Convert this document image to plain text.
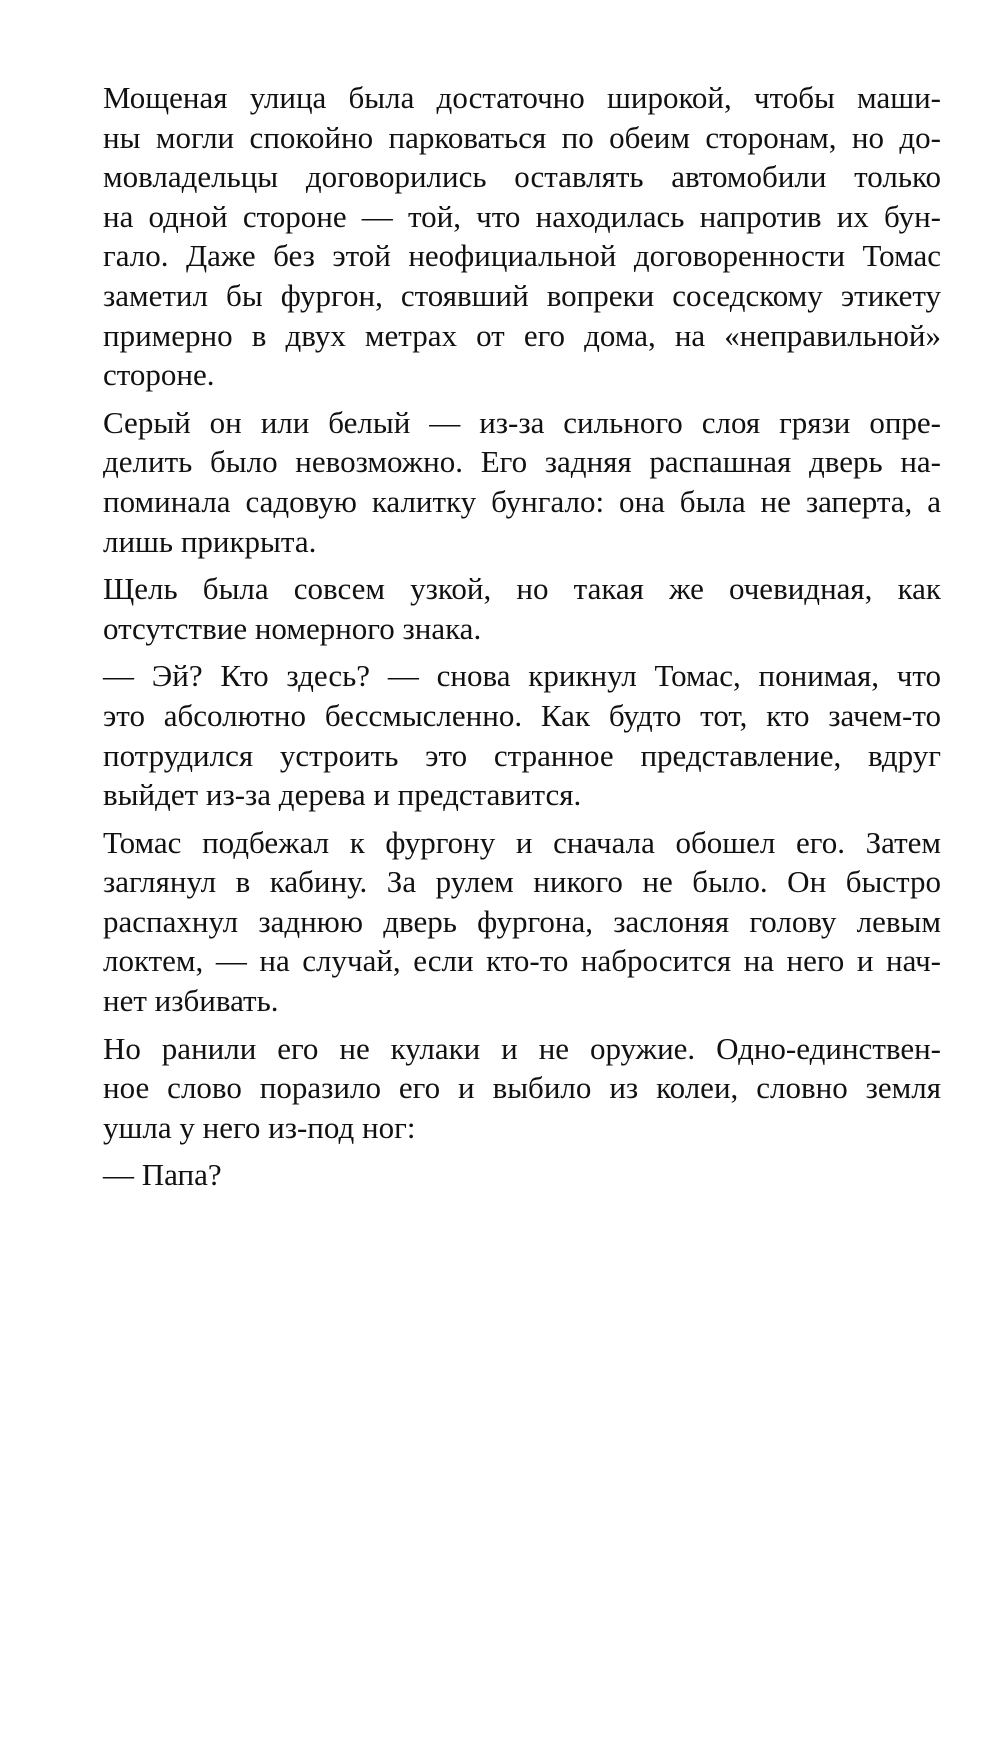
Мощеная улица была достаточно широкой, чтобы маши-
ны могли спокойно парковаться по обеим сторонам, но до-
мовладельцы договорились оставлять автомобили только
на одной стороне — той, что находилась напротив их бун-
гало. Даже без этой неофициальной договоренности Томас
заметил бы фургон, стоявший вопреки соседскому этикету
примерно в двух метрах от его дома, на «неправильной»
стороне.
Серый он или белый — из-за сильного слоя грязи опре-
делить было невозможно. Его задняя распашная дверь на-
поминала садовую калитку бунгало: она была не заперта, а
лишь прикрыта.
Щель была совсем узкой, но такая же очевидная, как
отсутствие номерного знака.
— Эй? Кто здесь? — снова крикнул Томас, понимая, что
это абсолютно бессмысленно. Как будто тот, кто зачем-то
потрудился устроить это странное представление, вдруг
выйдет из-за дерева и представится.
Томас подбежал к фургону и сначала обошел его. Затем
заглянул в кабину. За рулем никого не было. Он быстро
распахнул заднюю дверь фургона, заслоняя голову левым
локтем, — на случай, если кто-то набросится на него и нач-
нет избивать.
Но ранили его не кулаки и не оружие. Одно-единствен-
ное слово поразило его и выбило из колеи, словно земля
ушла у него из-под ног:
— Папа?
